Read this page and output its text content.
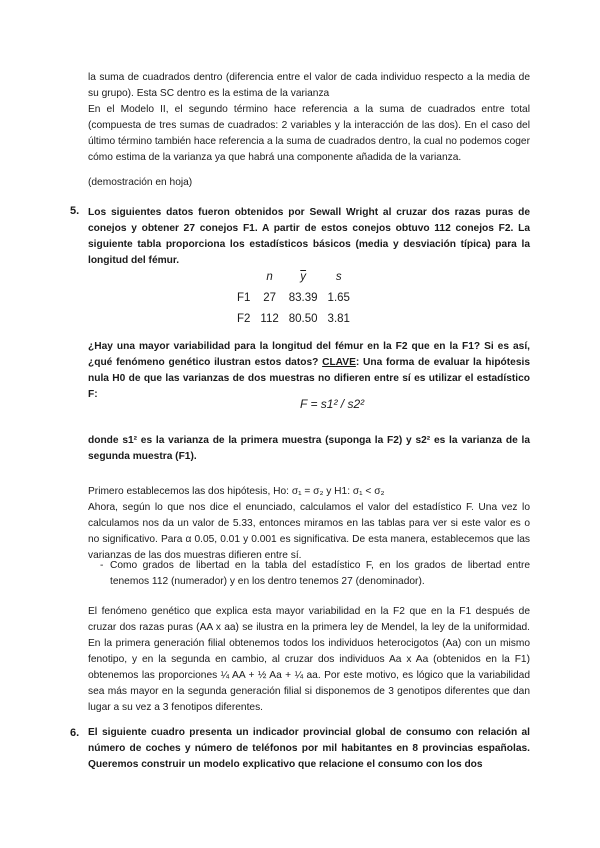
la suma de cuadrados dentro (diferencia entre el valor de cada individuo respecto a la media de su grupo). Esta SC dentro es la estima de la varianza

En el Modelo II, el segundo término hace referencia a la suma de cuadrados entre total (compuesta de tres sumas de cuadrados: 2 variables y la interacción de las dos). En el caso del último término también hace referencia a la suma de cuadrados dentro, la cual no podemos coger cómo estima de la varianza ya que habrá una componente añadida de la varianza.

(demostración en hoja)

5. Los siguientes datos fueron obtenidos por Sewall Wright al cruzar dos razas puras de conejos y obtener 27 conejos F1. A partir de estos conejos obtuvo 112 conejos F2. La siguiente tabla proporciona los estadísticos básicos (media y desviación típica) para la longitud del fémur.

	n	$\overline{y}$	s
F1	27	83.39	1.65
F2	112	80.50	3.81

¿Hay una mayor variabilidad para la longitud del fémur en la F2 que en la F1? Si es así, ¿qué fenómeno genético ilustran estos datos? CLAVE: Una forma de evaluar la hipótesis nula H0 de que las varianzas de dos muestras no difieren entre sí es utilizar el estadístico F:

F = s1² / s2²

donde s1² es la varianza de la primera muestra (suponga la F2) y s2² es la varianza de la segunda muestra (F1).

Primero establecemos las dos hipótesis, Ho: σ₁ = σ₂ y H1: σ₁ < σ₂

Ahora, según lo que nos dice el enunciado, calculamos el valor del estadístico F. Una vez lo calculamos nos da un valor de 5.33, entonces miramos en las tablas para ver si este valor es o no significativo. Para α 0.05, 0.01 y 0.001 es significativa. De esta manera, establecemos que las varianzas de las dos muestras difieren entre sí.

- Como grados de libertad en la tabla del estadístico F, en los grados de libertad entre tenemos 112 (numerador) y en los dentro tenemos 27 (denominador).

El fenómeno genético que explica esta mayor variabilidad en la F2 que en la F1 después de cruzar dos razas puras (AA x aa) se ilustra en la primera ley de Mendel, la ley de la uniformidad. En la primera generación filial obtenemos todos los individuos heterocigotos (Aa) con un mismo fenotipo, y en la segunda en cambio, al cruzar dos individuos Aa x Aa (obtenidos en la F1) obtenemos las proporciones ¼ AA + ½ Aa + ¼ aa. Por este motivo, es lógico que la variabilidad sea más mayor en la segunda generación filial si disponemos de 3 genotipos diferentes que dan lugar a su vez a 3 fenotipos diferentes.

6. El siguiente cuadro presenta un indicador provincial global de consumo con relación al número de coches y número de teléfonos por mil habitantes en 8 provincias españolas. Queremos construir un modelo explicativo que relacione el consumo con los dos
